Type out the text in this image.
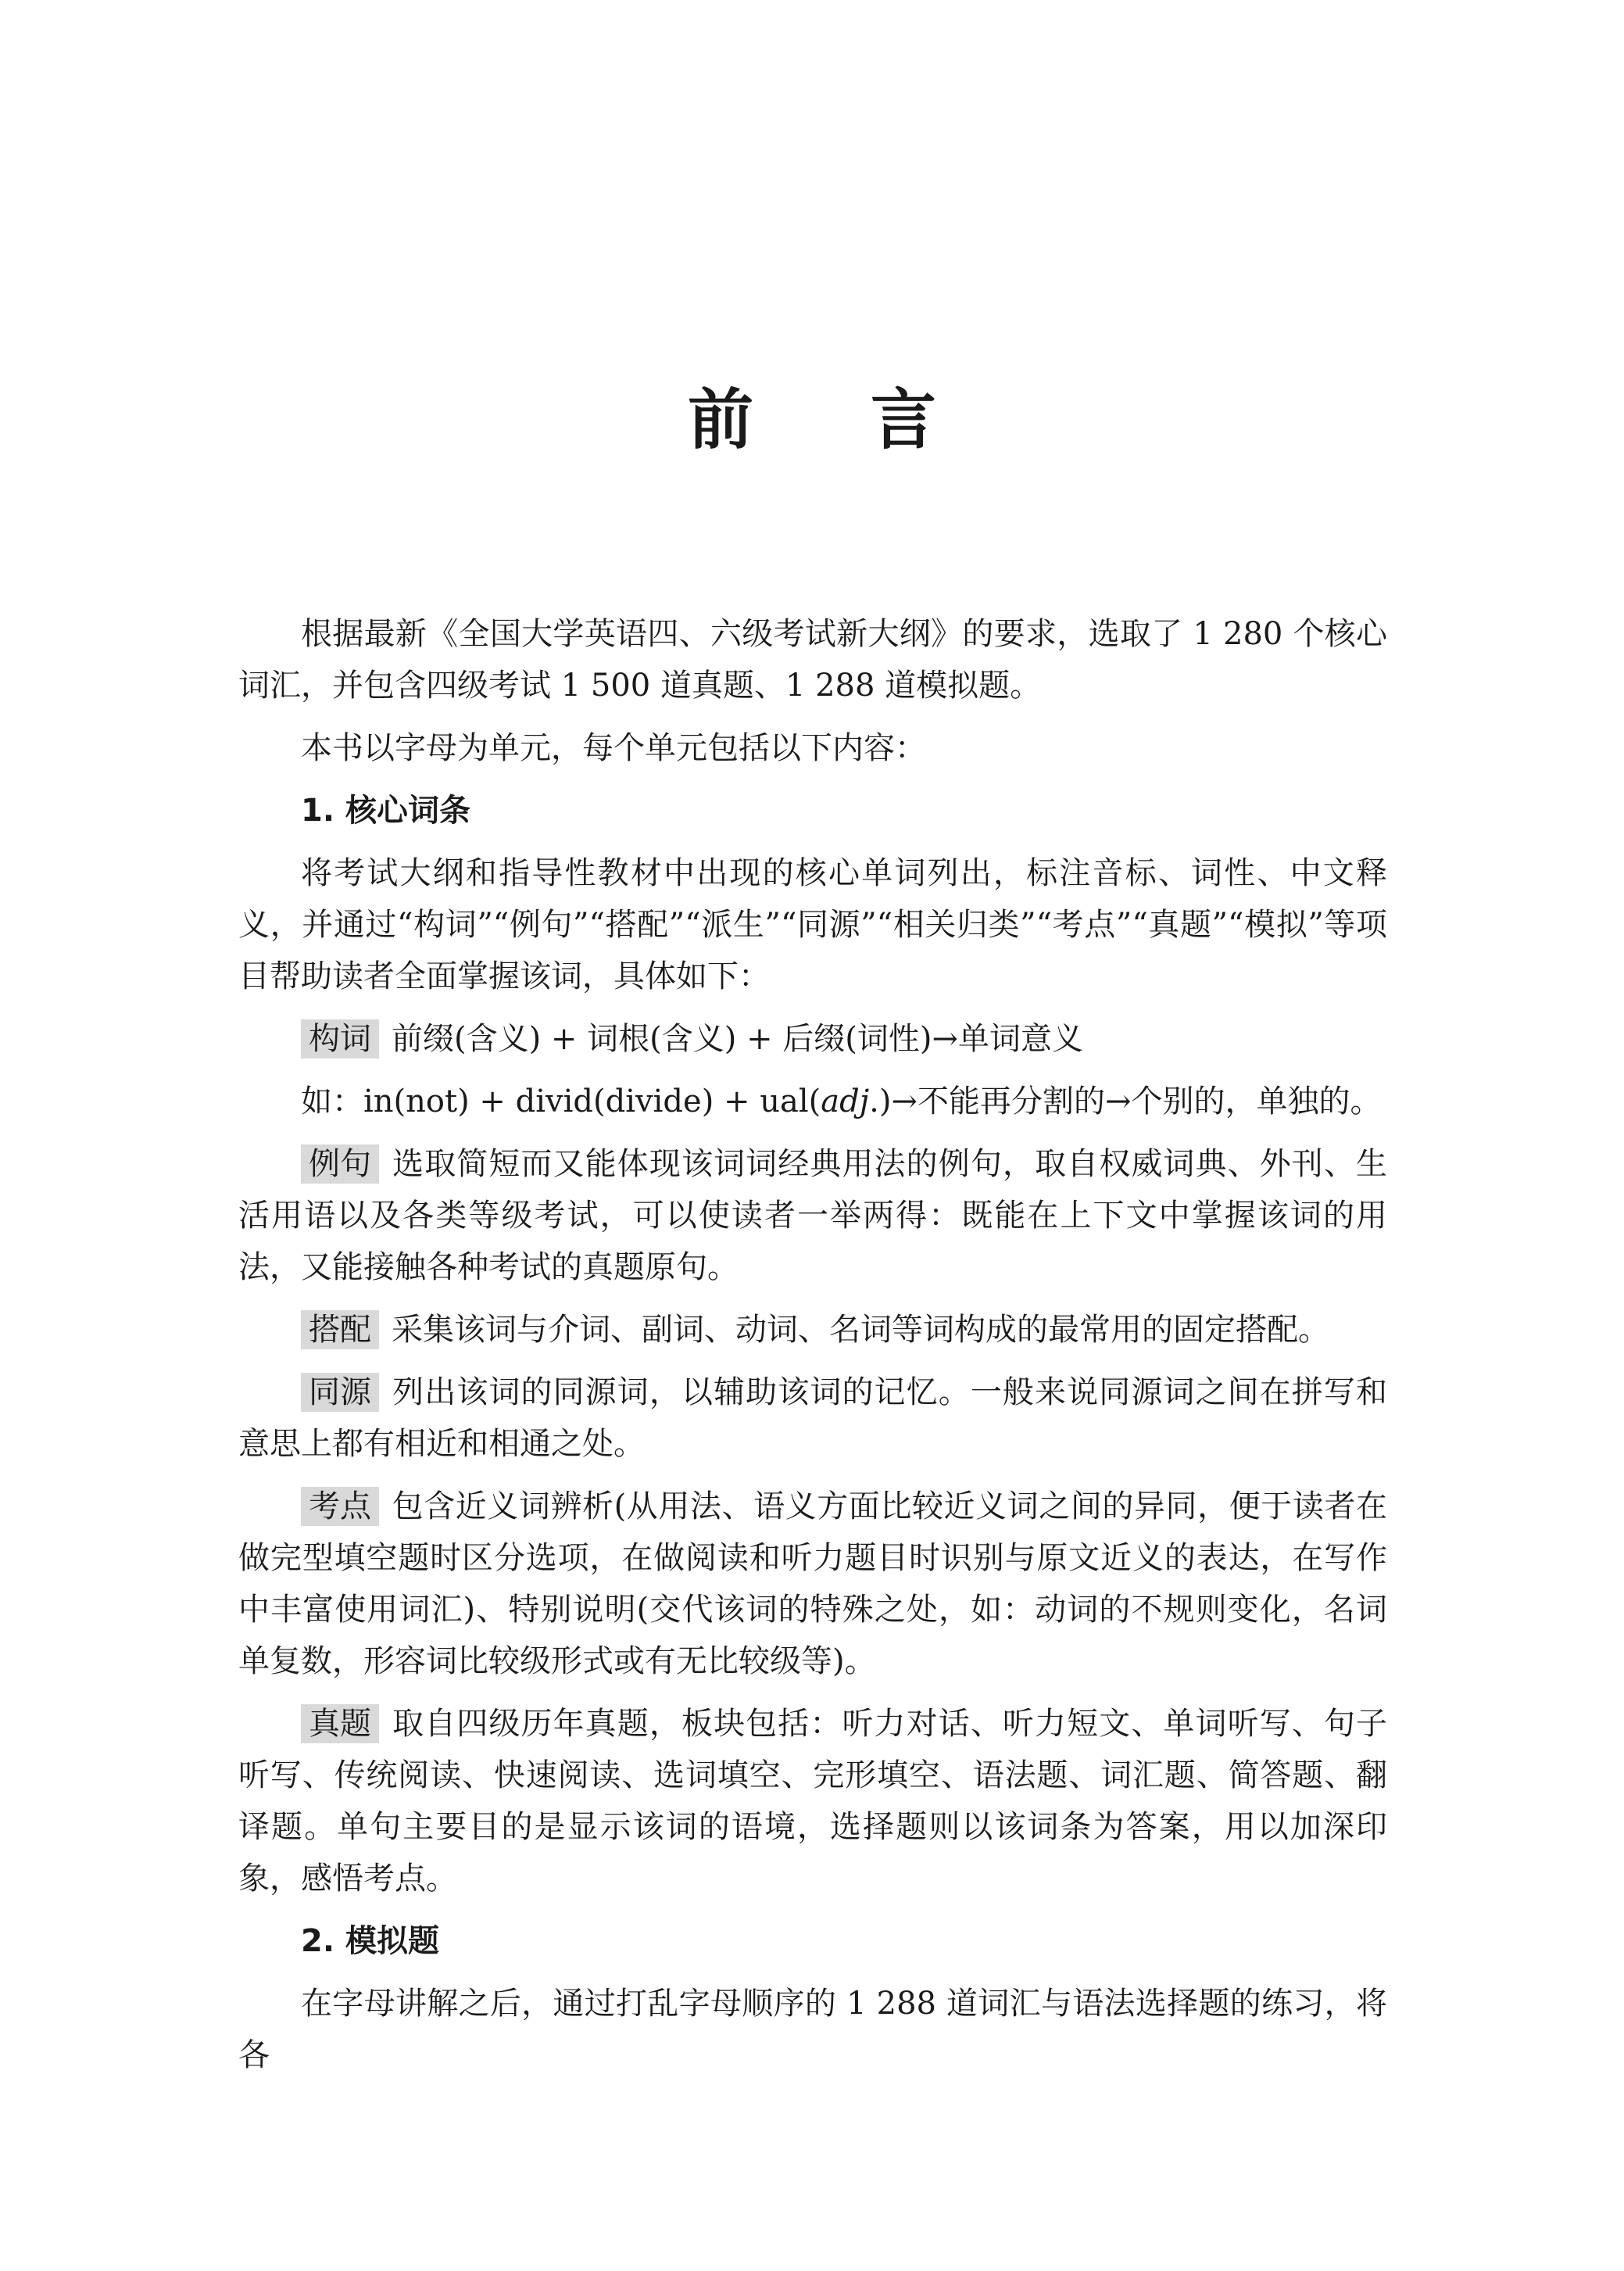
前 言

根据最新《全国大学英语四、六级考试新大纲》的要求，选取了 1 280 个核心词汇，并包含四级考试 1 500 道真题、1 288 道模拟题。

本书以字母为单元，每个单元包括以下内容：

1. 核心词条

将考试大纲和指导性教材中出现的核心单词列出，标注音标、词性、中文释义，并通过“构词”“例句”“搭配”“派生”“同源”“相关归类”“考点”“真题”“模拟”等项目帮助读者全面掌握该词，具体如下：

构词 前缀(含义) + 词根(含义) + 后缀(词性)→单词意义

如：in(not) + divid(divide) + ual(adj.)→不能再分割的→个别的，单独的。

例句 选取简短而又能体现该词词经典用法的例句，取自权威词典、外刊、生活用语以及各类等级考试，可以使读者一举两得：既能在上下文中掌握该词的用法，又能接触各种考试的真题原句。

搭配 采集该词与介词、副词、动词、名词等词构成的最常用的固定搭配。

同源 列出该词的同源词，以辅助该词的记忆。一般来说同源词之间在拼写和意思上都有相近和相通之处。

考点 包含近义词辨析(从用法、语义方面比较近义词之间的异同，便于读者在做完型填空题时区分选项，在做阅读和听力题目时识别与原文近义的表达，在写作中丰富使用词汇)、特别说明(交代该词的特殊之处，如：动词的不规则变化，名词单复数，形容词比较级形式或有无比较级等)。

真题 取自四级历年真题，板块包括：听力对话、听力短文、单词听写、句子听写、传统阅读、快速阅读、选词填空、完形填空、语法题、词汇题、简答题、翻译题。单句主要目的是显示该词的语境，选择题则以该词条为答案，用以加深印象，感悟考点。

2. 模拟题

在字母讲解之后，通过打乱字母顺序的 1 288 道词汇与语法选择题的练习，将各
